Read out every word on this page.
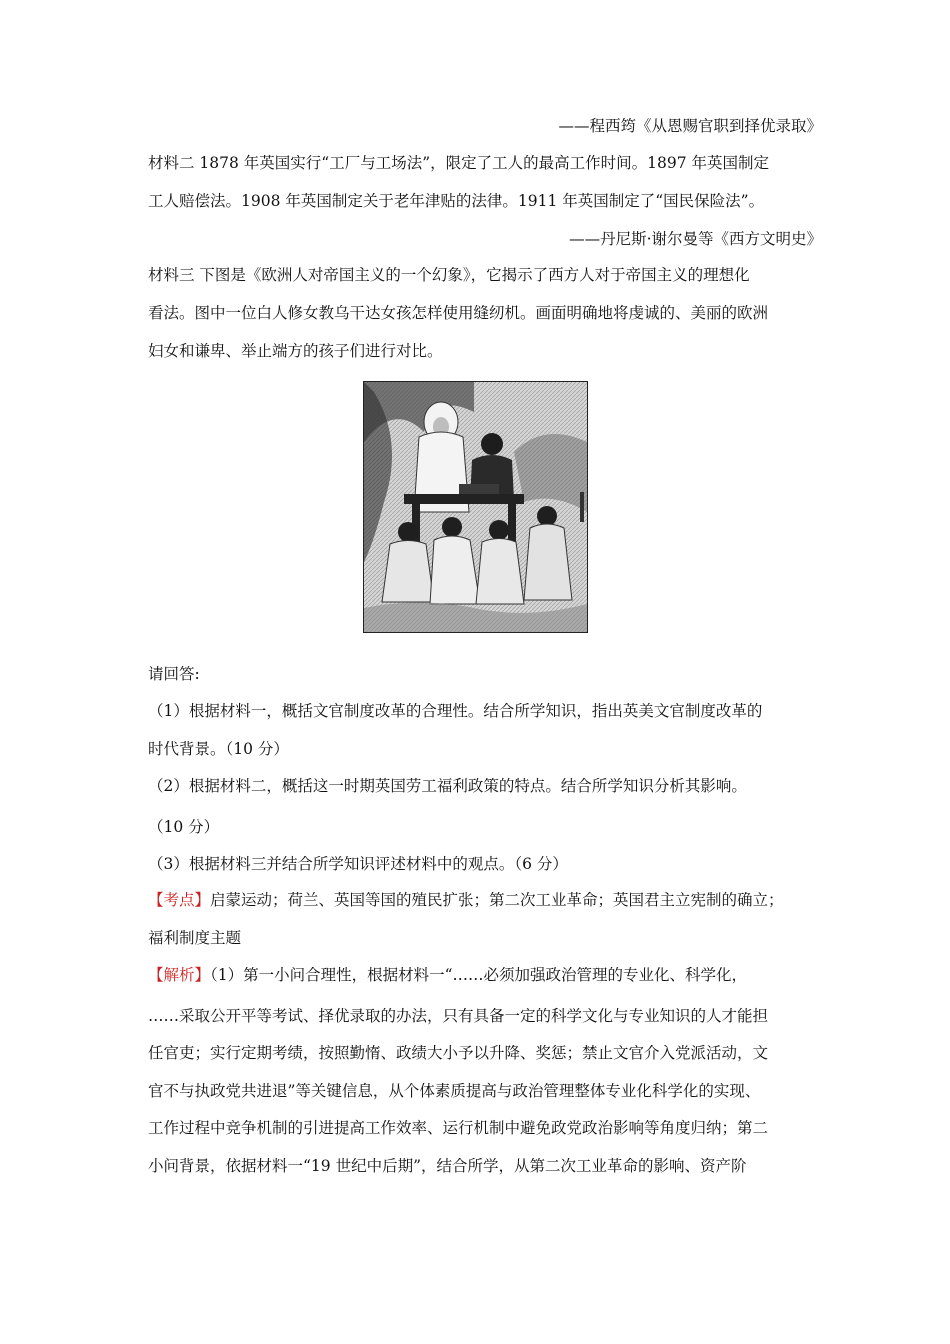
——程西筠《从恩赐官职到择优录取》
材料二 1878 年英国实行“工厂与工场法”，限定了工人的最高工作时间。1897 年英国制定
工人赔偿法。1908 年英国制定关于老年津贴的法律。1911 年英国制定了“国民保险法”。
——丹尼斯·谢尔曼等《西方文明史》
材料三 下图是《欧洲人对帝国主义的一个幻象》，它揭示了西方人对于帝国主义的理想化
看法。图中一位白人修女教乌干达女孩怎样使用缝纫机。画面明确地将虔诚的、美丽的欧洲
妇女和谦卑、举止端方的孩子们进行对比。
请回答:
（1）根据材料一，概括文官制度改革的合理性。结合所学知识，指出英美文官制度改革的
时代背景。（10 分）
（2）根据材料二，概括这一时期英国劳工福利政策的特点。结合所学知识分析其影响。
（10 分）
（3）根据材料三并结合所学知识评述材料中的观点。（6 分）
【考点】启蒙运动；荷兰、英国等国的殖民扩张；第二次工业革命；英国君主立宪制的确立；
福利制度主题
【解析】（1）第一小问合理性，根据材料一“……必须加强政治管理的专业化、科学化，
……采取公开平等考试、择优录取的办法，只有具备一定的科学文化与专业知识的人才能担
任官吏；实行定期考绩，按照勤惰、政绩大小予以升降、奖惩；禁止文官介入党派活动，文
官不与执政党共进退”等关键信息，从个体素质提高与政治管理整体专业化科学化的实现、
工作过程中竞争机制的引进提高工作效率、运行机制中避免政党政治影响等角度归纳；第二
小问背景，依据材料一“19 世纪中后期”，结合所学，从第二次工业革命的影响、资产阶
